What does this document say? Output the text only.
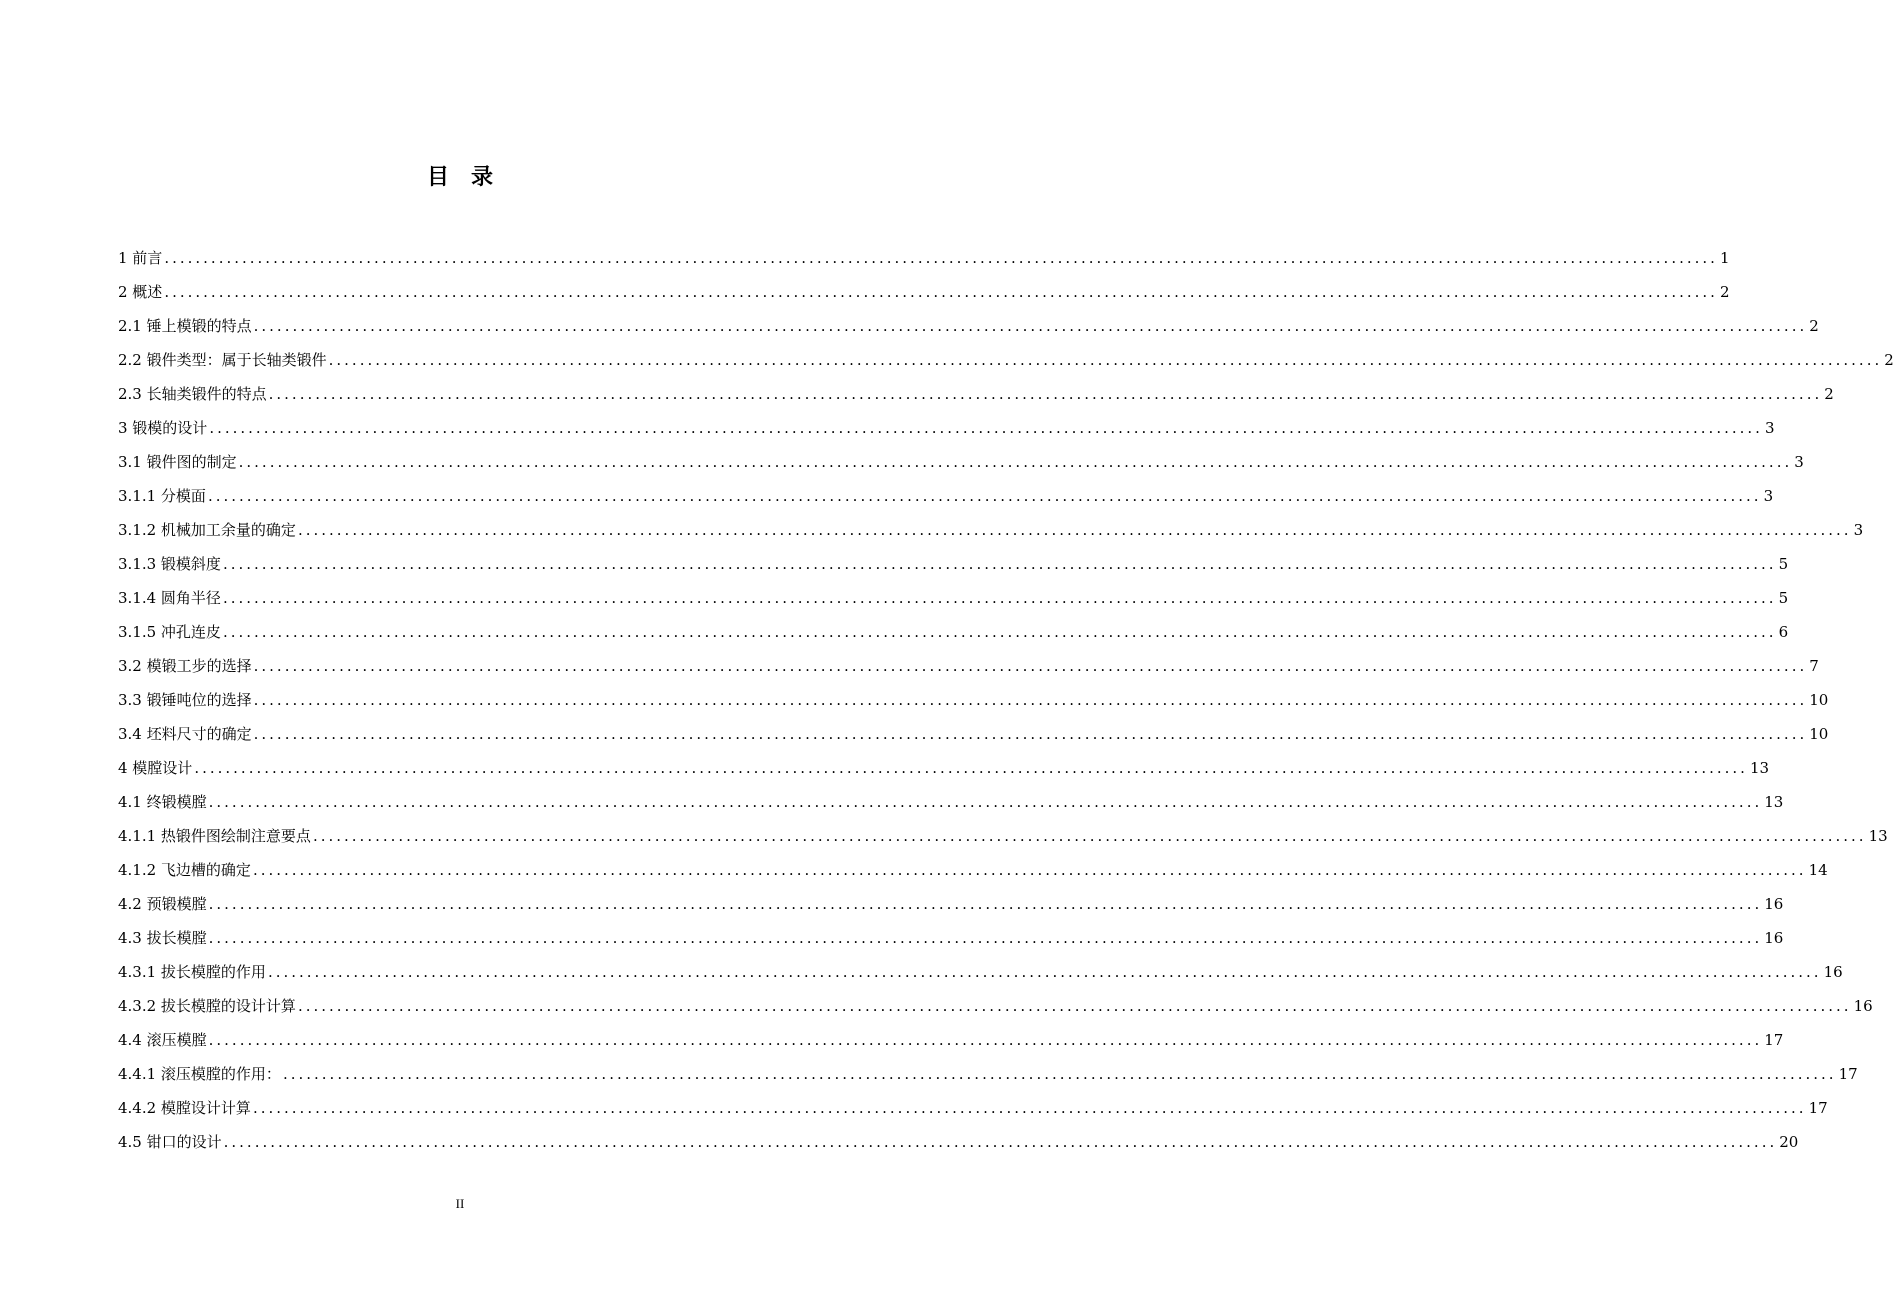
目录
1 前言 ........................................................................................................................................................................................................ 1
2 概述 ........................................................................................................................................................................................................ 2
2.1 锤上模锻的特点 ........................................................................................................................................................................................................ 2
2.2 锻件类型：属于长轴类锻件 ........................................................................................................................................................................................................ 2
2.3 长轴类锻件的特点 ........................................................................................................................................................................................................ 2
3 锻模的设计 ........................................................................................................................................................................................................ 3
3.1 锻件图的制定 ........................................................................................................................................................................................................ 3
3.1.1 分模面 ........................................................................................................................................................................................................ 3
3.1.2 机械加工余量的确定 ........................................................................................................................................................................................................ 3
3.1.3 锻模斜度 ........................................................................................................................................................................................................ 5
3.1.4 圆角半径 ........................................................................................................................................................................................................ 5
3.1.5 冲孔连皮 ........................................................................................................................................................................................................ 6
3.2 模锻工步的选择 ........................................................................................................................................................................................................ 7
3.3 锻锤吨位的选择 ........................................................................................................................................................................................................ 10
3.4 坯料尺寸的确定 ........................................................................................................................................................................................................ 10
4 模膛设计 ........................................................................................................................................................................................................ 13
4.1 终锻模膛 ........................................................................................................................................................................................................ 13
4.1.1 热锻件图绘制注意要点 ........................................................................................................................................................................................................ 13
4.1.2 飞边槽的确定 ........................................................................................................................................................................................................ 14
4.2 预锻模膛 ........................................................................................................................................................................................................ 16
4.3 拔长模膛 ........................................................................................................................................................................................................ 16
4.3.1 拔长模膛的作用 ........................................................................................................................................................................................................ 16
4.3.2 拔长模膛的设计计算 ........................................................................................................................................................................................................ 16
4.4 滚压模膛 ........................................................................................................................................................................................................ 17
4.4.1 滚压模膛的作用： ........................................................................................................................................................................................................ 17
4.4.2 模膛设计计算 ........................................................................................................................................................................................................ 17
4.5 钳口的设计 ........................................................................................................................................................................................................ 20
II
